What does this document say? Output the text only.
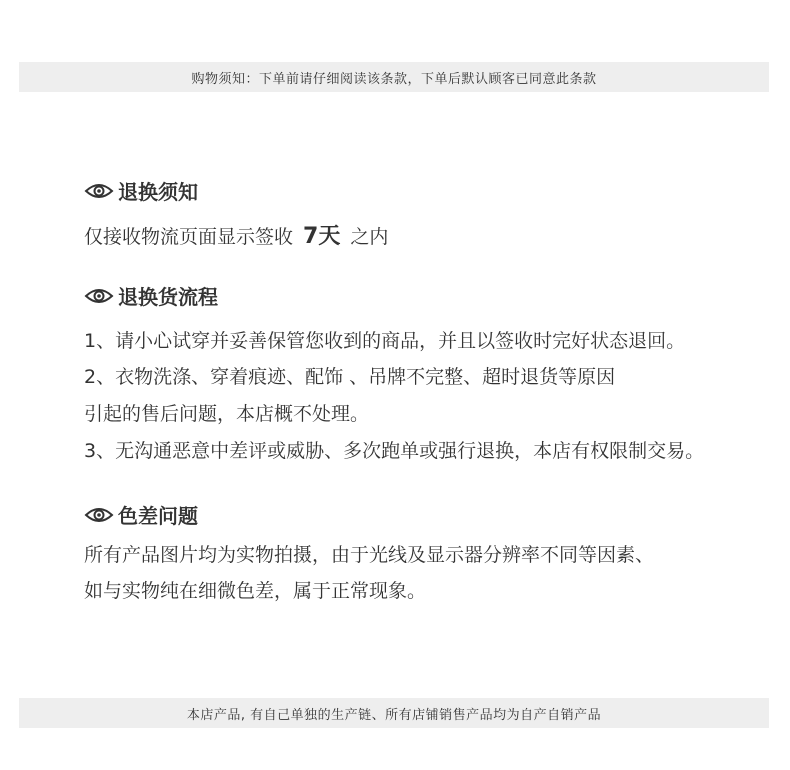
购物须知：下单前请仔细阅读该条款，下单后默认顾客已同意此条款
退换须知
仅接收物流页面显示签收 7天 之内
退换货流程
1、请小心试穿并妥善保管您收到的商品，并且以签收时完好状态退回。
2、衣物洗涤、穿着痕迹、配饰 、吊牌不完整、超时退货等原因
引起的售后问题，本店概不处理。
3、无沟通恶意中差评或威胁、多次跑单或强行退换，本店有权限制交易。
色差问题
所有产品图片均为实物拍摄，由于光线及显示器分辨率不同等因素、
如与实物纯在细微色差，属于正常现象。
本店产品, 有自己单独的生产链、所有店铺销售产品均为自产自销产品
